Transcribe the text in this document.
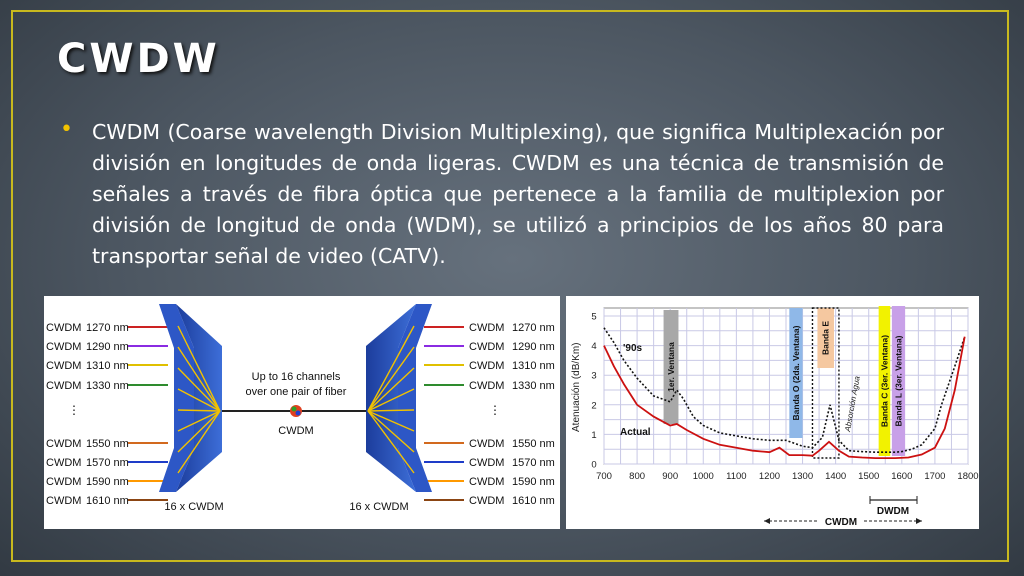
CWDW
• CWDM (Coarse wavelength Division Multiplexing), que significa Multiplexación por división en longitudes de onda ligeras. CWDM es una técnica de transmisión de señales a través de fibra óptica que pertenece a la familia de multiplexion por división de longitud de onda (WDM), se utilizó a principios de los años 80 para transportar señal de video (CATV).

CWDM 1270 nm
CWDM 1290 nm
CWDM 1310 nm
CWDM 1330 nm
CWDM 1550 nm
CWDM 1570 nm
CWDM 1590 nm
CWDM 1610 nm
CWDM 1270 nm
CWDM 1290 nm
CWDM 1310 nm
CWDM 1330 nm
CWDM 1550 nm
CWDM 1570 nm
CWDM 1590 nm
CWDM 1610 nm
Up to 16 channels
over one pair of fiber
CWDM
16 x CWDM	16 x CWDM
⋮	⋮
1er. Ventana	Banda O (2da. Ventana) Banda E	Banda C (3er. Ventana) Banda L (3er. Ventana)
700 800 900 1000 1100 1200 1300 1400 1500 1600 1700 1800
0
1
2
3
4
5
Atenuación (dB/Km)	'90s
Actual
Absorción Agua
DWDM
CWDM
